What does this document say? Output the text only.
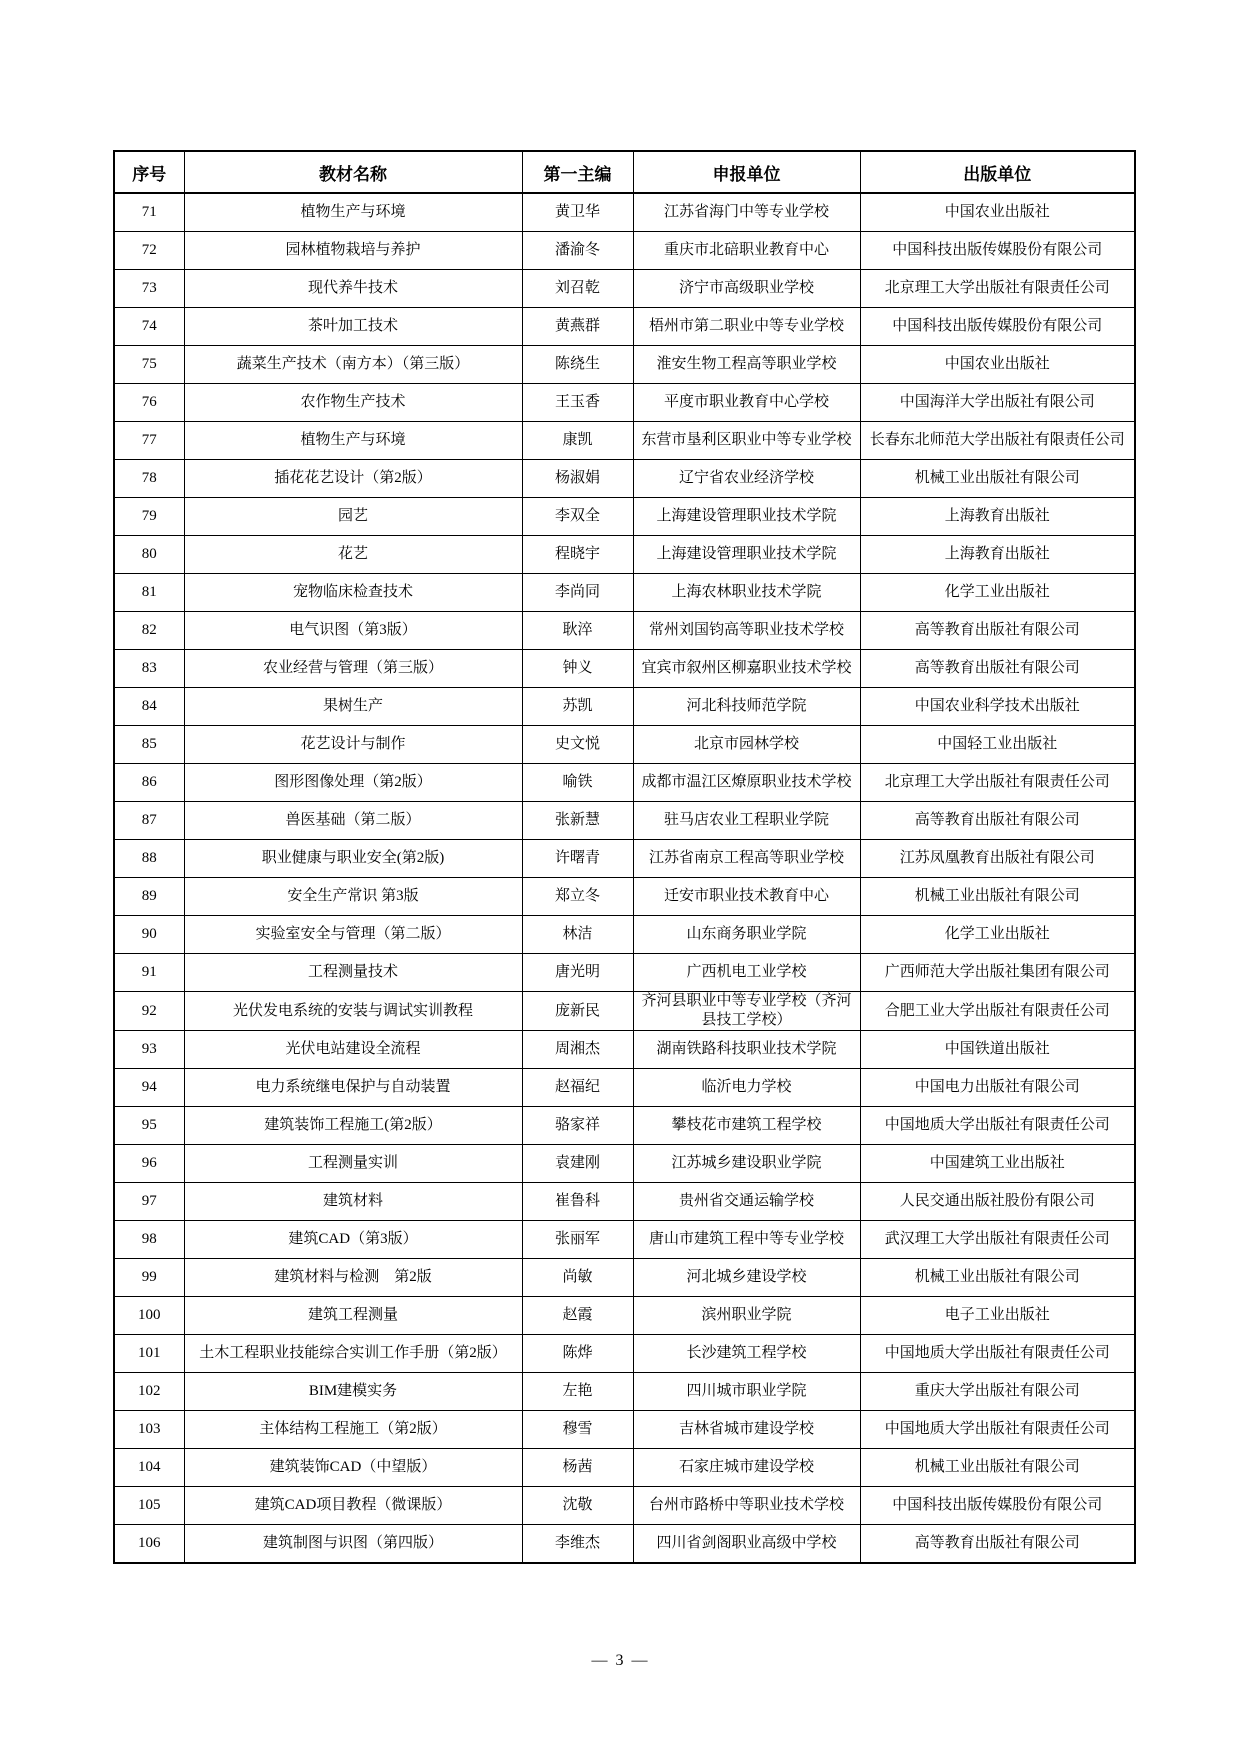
序号	教材名称	第一主编	申报单位	出版单位
71	植物生产与环境	黄卫华	江苏省海门中等专业学校	中国农业出版社
72	园林植物栽培与养护	潘渝冬	重庆市北碚职业教育中心	中国科技出版传媒股份有限公司
73	现代养牛技术	刘召乾	济宁市高级职业学校	北京理工大学出版社有限责任公司
74	茶叶加工技术	黄燕群	梧州市第二职业中等专业学校	中国科技出版传媒股份有限公司
75	蔬菜生产技术（南方本）（第三版）	陈绕生	淮安生物工程高等职业学校	中国农业出版社
76	农作物生产技术	王玉香	平度市职业教育中心学校	中国海洋大学出版社有限公司
77	植物生产与环境	康凯	东营市垦利区职业中等专业学校	长春东北师范大学出版社有限责任公司
78	插花花艺设计（第2版）	杨淑娟	辽宁省农业经济学校	机械工业出版社有限公司
79	园艺	李双全	上海建设管理职业技术学院	上海教育出版社
80	花艺	程晓宇	上海建设管理职业技术学院	上海教育出版社
81	宠物临床检查技术	李尚同	上海农林职业技术学院	化学工业出版社
82	电气识图（第3版）	耿淬	常州刘国钧高等职业技术学校	高等教育出版社有限公司
83	农业经营与管理（第三版）	钟义	宜宾市叙州区柳嘉职业技术学校	高等教育出版社有限公司
84	果树生产	苏凯	河北科技师范学院	中国农业科学技术出版社
85	花艺设计与制作	史文悦	北京市园林学校	中国轻工业出版社
86	图形图像处理（第2版）	喻铁	成都市温江区燎原职业技术学校	北京理工大学出版社有限责任公司
87	兽医基础（第二版）	张新慧	驻马店农业工程职业学院	高等教育出版社有限公司
88	职业健康与职业安全(第2版)	许曙青	江苏省南京工程高等职业学校	江苏凤凰教育出版社有限公司
89	安全生产常识 第3版	郑立冬	迁安市职业技术教育中心	机械工业出版社有限公司
90	实验室安全与管理（第二版）	林洁	山东商务职业学院	化学工业出版社
91	工程测量技术	唐光明	广西机电工业学校	广西师范大学出版社集团有限公司
92	光伏发电系统的安装与调试实训教程	庞新民	齐河县职业中等专业学校（齐河县技工学校）	合肥工业大学出版社有限责任公司
93	光伏电站建设全流程	周湘杰	湖南铁路科技职业技术学院	中国铁道出版社
94	电力系统继电保护与自动装置	赵福纪	临沂电力学校	中国电力出版社有限公司
95	建筑装饰工程施工(第2版）	骆家祥	攀枝花市建筑工程学校	中国地质大学出版社有限责任公司
96	工程测量实训	袁建刚	江苏城乡建设职业学院	中国建筑工业出版社
97	建筑材料	崔鲁科	贵州省交通运输学校	人民交通出版社股份有限公司
98	建筑CAD（第3版）	张丽军	唐山市建筑工程中等专业学校	武汉理工大学出版社有限责任公司
99	建筑材料与检测　第2版	尚敏	河北城乡建设学校	机械工业出版社有限公司
100	建筑工程测量	赵霞	滨州职业学院	电子工业出版社
101	土木工程职业技能综合实训工作手册（第2版）	陈烨	长沙建筑工程学校	中国地质大学出版社有限责任公司
102	BIM建模实务	左艳	四川城市职业学院	重庆大学出版社有限公司
103	主体结构工程施工（第2版）	穆雪	吉林省城市建设学校	中国地质大学出版社有限责任公司
104	建筑装饰CAD（中望版）	杨茜	石家庄城市建设学校	机械工业出版社有限公司
105	建筑CAD项目教程（微课版）	沈敬	台州市路桥中等职业技术学校	中国科技出版传媒股份有限公司
106	建筑制图与识图（第四版）	李维杰	四川省剑阁职业高级中学校	高等教育出版社有限公司
— 3 —
